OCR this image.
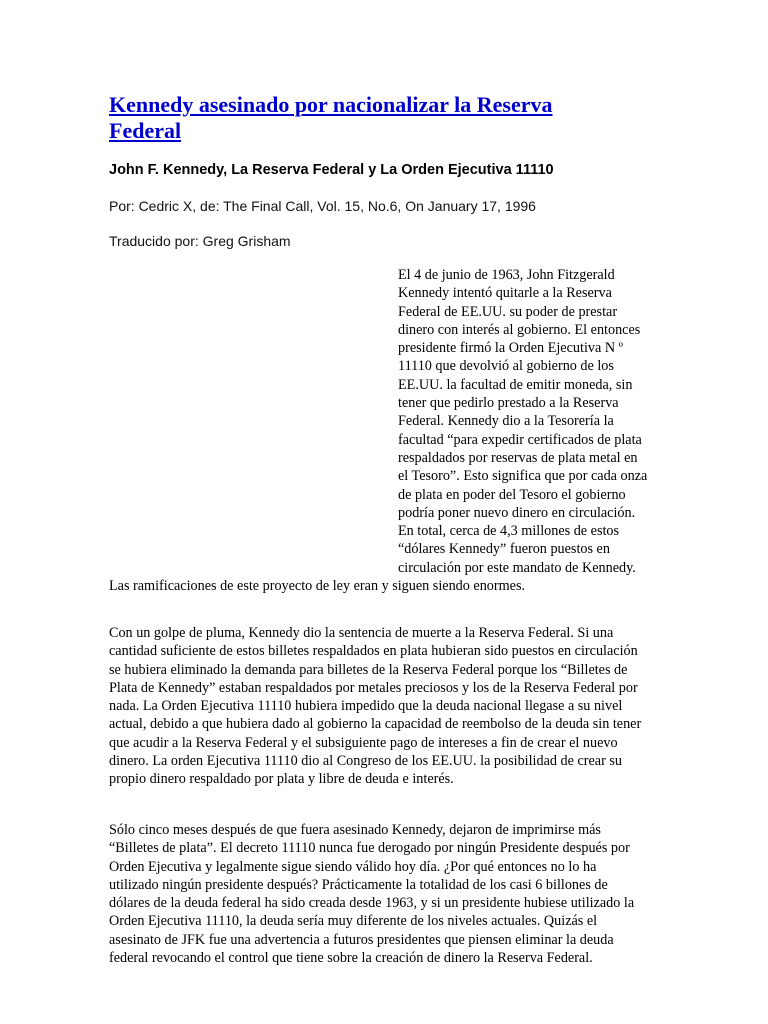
Kennedy asesinado por nacionalizar la Reserva Federal
John F. Kennedy, La Reserva Federal y La Orden Ejecutiva 11110

Por: Cedric X, de: The Final Call, Vol. 15, No.6, On January 17, 1996

Traducido por: Greg Grisham

El 4 de junio de 1963, John Fitzgerald Kennedy intentó quitarle a la Reserva Federal de EE.UU. su poder de prestar dinero con interés al gobierno. El entonces presidente firmó la Orden Ejecutiva N º 11110 que devolvió al gobierno de los EE.UU. la facultad de emitir moneda, sin tener que pedirlo prestado a la Reserva Federal. Kennedy dio a la Tesorería la facultad “para expedir certificados de plata respaldados por reservas de plata metal en el Tesoro”. Esto significa que por cada onza de plata en poder del Tesoro el gobierno podría poner nuevo dinero en circulación. En total, cerca de 4,3 millones de estos “dólares Kennedy” fueron puestos en circulación por este mandato de Kennedy. Las ramificaciones de este proyecto de ley eran y siguen siendo enormes.

Con un golpe de pluma, Kennedy dio la sentencia de muerte a la Reserva Federal. Si una cantidad suficiente de estos billetes respaldados en plata hubieran sido puestos en circulación se hubiera eliminado la demanda para billetes de la Reserva Federal porque los “Billetes de Plata de Kennedy” estaban respaldados por metales preciosos y los de la Reserva Federal por nada. La Orden Ejecutiva 11110 hubiera impedido que la deuda nacional llegase a su nivel actual, debido a que hubiera dado al gobierno la capacidad de reembolso de la deuda sin tener que acudir a la Reserva Federal y el subsiguiente pago de intereses a fin de crear el nuevo dinero. La orden Ejecutiva 11110 dio al Congreso de los EE.UU. la posibilidad de crear su propio dinero respaldado por plata y libre de deuda e interés.

Sólo cinco meses después de que fuera asesinado Kennedy, dejaron de imprimirse más “Billetes de plata”. El decreto 11110 nunca fue derogado por ningún Presidente después por Orden Ejecutiva y legalmente sigue siendo válido hoy día. ¿Por qué entonces no lo ha utilizado ningún presidente después? Prácticamente la totalidad de los casi 6 billones de dólares de la deuda federal ha sido creada desde 1963, y si un presidente hubiese utilizado la Orden Ejecutiva 11110, la deuda sería muy diferente de los niveles actuales. Quizás el asesinato de JFK fue una advertencia a futuros presidentes que piensen eliminar la deuda federal revocando el control que tiene sobre la creación de dinero la Reserva Federal.
